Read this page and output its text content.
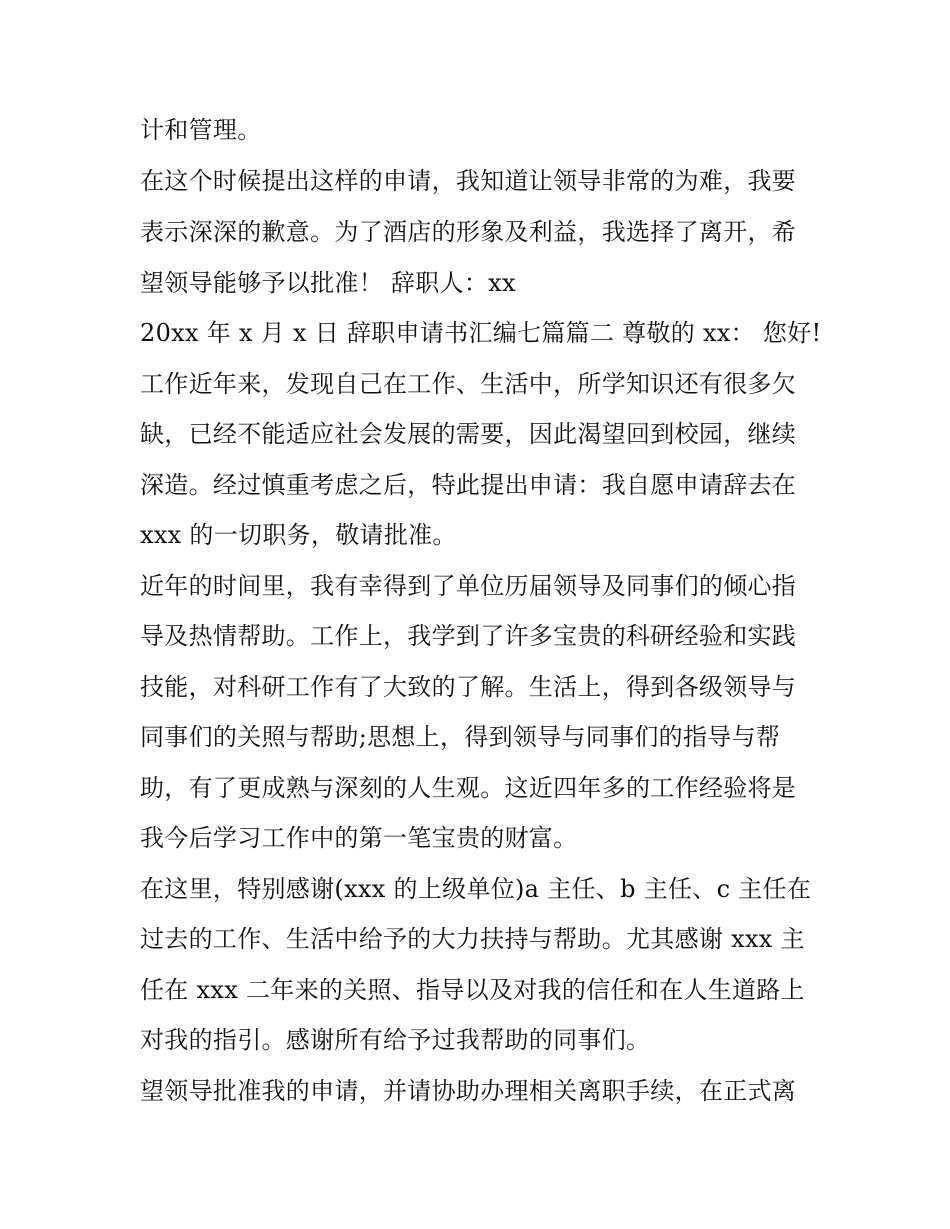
计和管理。
在这个时候提出这样的申请，我知道让领导非常的为难，我要
表示深深的歉意。为了酒店的形象及利益，我选择了离开，希
望领导能够予以批准！ 辞职人：xx
20xx 年 x 月 x 日 辞职申请书汇编七篇篇二 尊敬的 xx： 您好!
工作近年来，发现自己在工作、生活中，所学知识还有很多欠
缺，已经不能适应社会发展的需要，因此渴望回到校园，继续
深造。经过慎重考虑之后，特此提出申请：我自愿申请辞去在
xxx 的一切职务，敬请批准。
近年的时间里，我有幸得到了单位历届领导及同事们的倾心指
导及热情帮助。工作上，我学到了许多宝贵的科研经验和实践
技能，对科研工作有了大致的了解。生活上，得到各级领导与
同事们的关照与帮助;思想上，得到领导与同事们的指导与帮
助，有了更成熟与深刻的人生观。这近四年多的工作经验将是
我今后学习工作中的第一笔宝贵的财富。
在这里，特别感谢(xxx 的上级单位)a 主任、b 主任、c 主任在
过去的工作、生活中给予的大力扶持与帮助。尤其感谢 xxx 主
任在 xxx 二年来的关照、指导以及对我的信任和在人生道路上
对我的指引。感谢所有给予过我帮助的同事们。
望领导批准我的申请，并请协助办理相关离职手续，在正式离
